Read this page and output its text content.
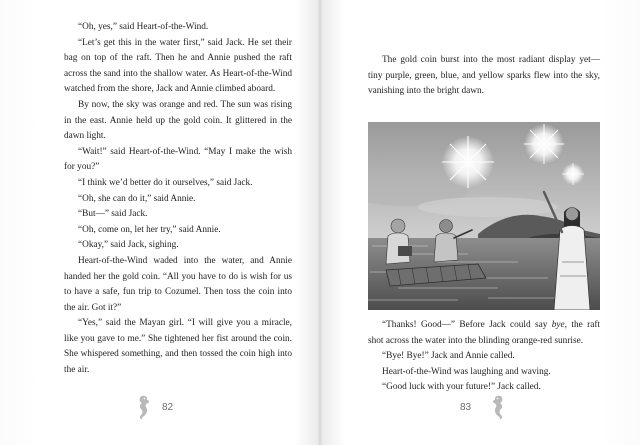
“Oh, yes,” said Heart-of-the-Wind.

“Let’s get this in the water first,” said Jack. He set their bag on top of the raft. Then he and Annie pushed the raft across the sand into the shallow water. As Heart-of-the-Wind watched from the shore, Jack and Annie climbed aboard.

By now, the sky was orange and red. The sun was rising in the east. Annie held up the gold coin. It glittered in the dawn light.

“Wait!” said Heart-of-the-Wind. “May I make the wish for you?”

“I think we’d better do it ourselves,” said Jack.

“Oh, she can do it,” said Annie.

“But—” said Jack.

“Oh, come on, let her try,” said Annie.

“Okay,” said Jack, sighing.

Heart-of-the-Wind waded into the water, and Annie handed her the gold coin. “All you have to do is wish for us to have a safe, fun trip to Cozumel. Then toss the coin into the air. Got it?”

“Yes,” said the Mayan girl. “I will give you a miracle, like you gave to me.” She tightened her fist around the coin. She whispered something, and then tossed the coin high into the air.

82

The gold coin burst into the most radiant display yet—tiny purple, green, blue, and yellow sparks flew into the sky, vanishing into the bright dawn.

“Thanks! Good—” Before Jack could say bye, the raft shot across the water into the blinding orange-red sunrise.

“Bye! Bye!” Jack and Annie called.

Heart-of-the-Wind was laughing and waving.

“Good luck with your future!” Jack called.

83
